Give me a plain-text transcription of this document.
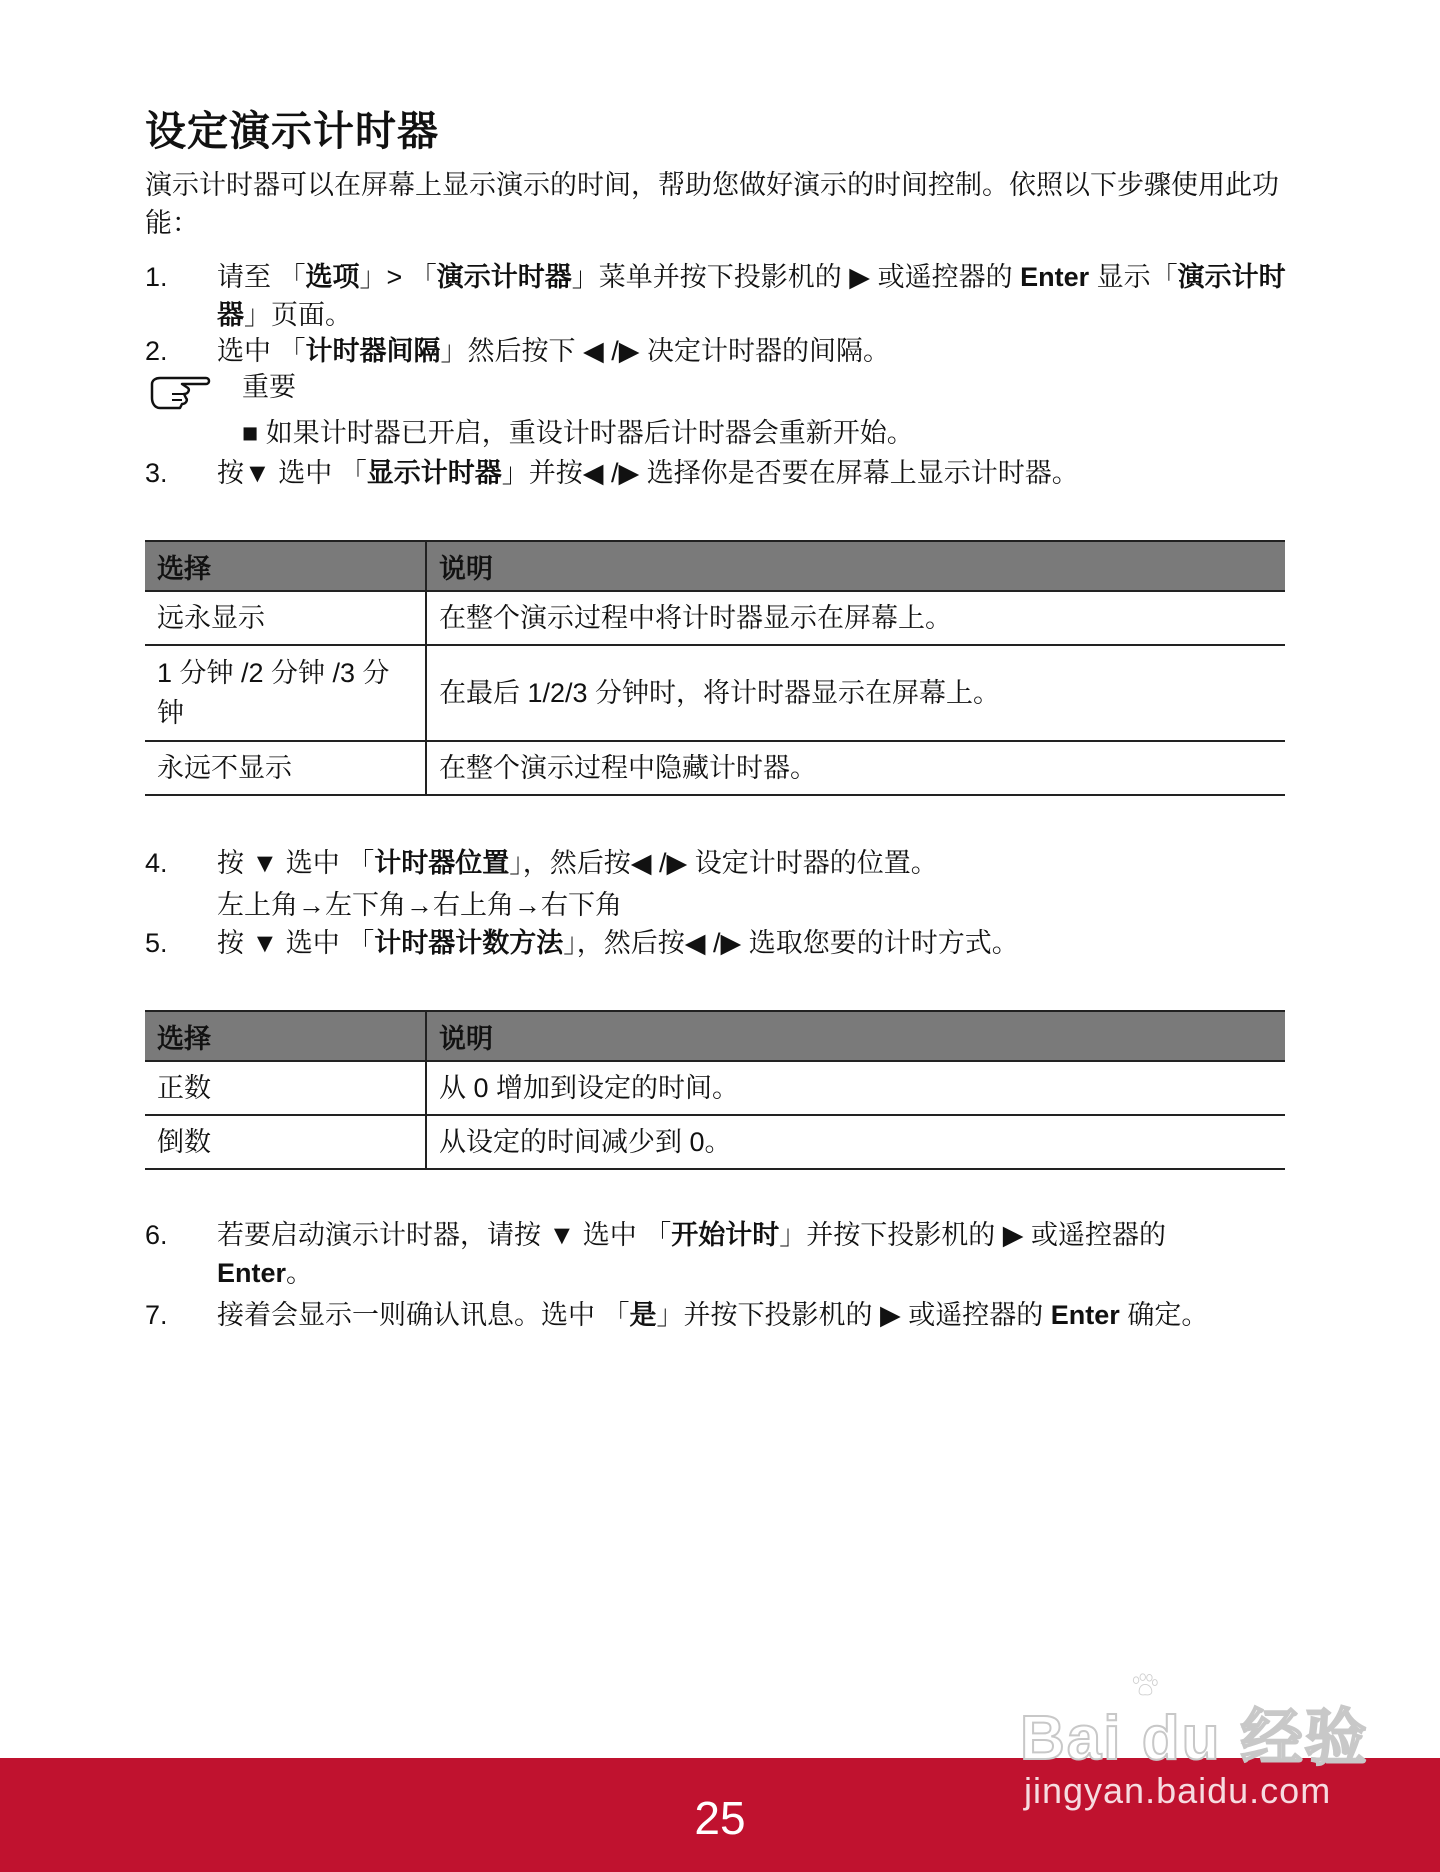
设定演示计时器

演示计时器可以在屏幕上显示演示的时间，帮助您做好演示的时间控制。依照以下步骤使用此功能：

1. 请至 「选项」> 「演示计时器」菜单并按下投影机的 ▶ 或遥控器的 Enter 显示「演示计时器」页面。
2. 选中 「计时器间隔」然后按下 ◀ /▶ 决定计时器的间隔。
重要
■ 如果计时器已开启，重设计时器后计时器会重新开始。
3. 按▼ 选中 「显示计时器」并按◀ /▶ 选择你是否要在屏幕上显示计时器。
选择	说明
远永显示	在整个演示过程中将计时器显示在屏幕上。
1 分钟 /2 分钟 /3 分钟	在最后 1/2/3 分钟时，将计时器显示在屏幕上。
永远不显示	在整个演示过程中隐藏计时器。
4. 按 ▼ 选中 「计时器位置」，然后按◀ /▶ 设定计时器的位置。
左上角→左下角→右上角→右下角
5. 按 ▼ 选中 「计时器计数方法」，然后按◀ /▶ 选取您要的计时方式。
选择	说明
正数	从 0 增加到设定的时间。
倒数	从设定的时间减少到 0。
6. 若要启动演示计时器，请按 ▼ 选中 「开始计时」并按下投影机的 ▶ 或遥控器的
Enter。
7. 接着会显示一则确认讯息。选中 「是」并按下投影机的 ▶ 或遥控器的 Enter 确定。
25
Bai du 经验
jingyan.baidu.com
